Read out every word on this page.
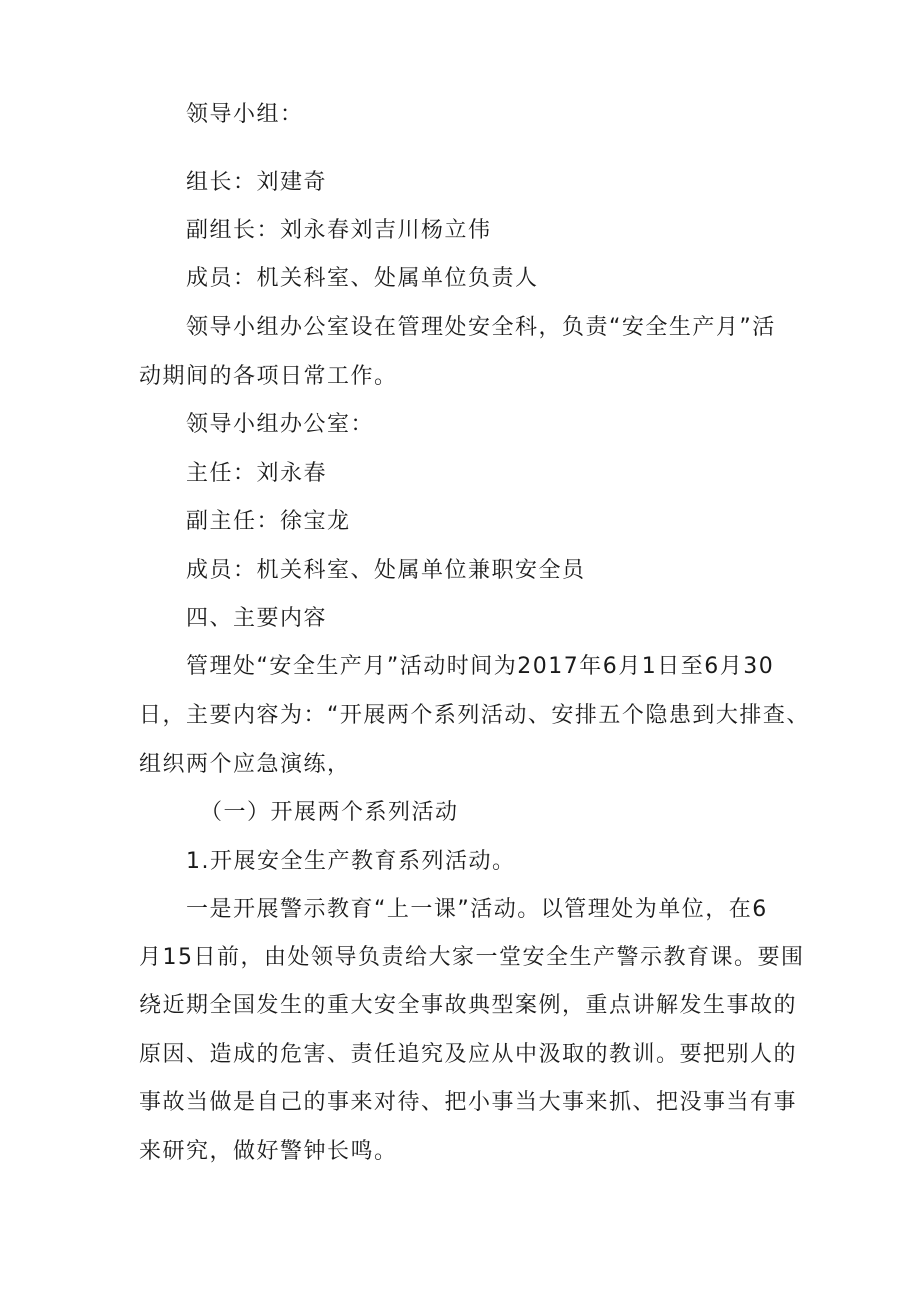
领导小组：

组长：刘建奇

副组长：刘永春刘吉川杨立伟

成员：机关科室、处属单位负责人

领导小组办公室设在管理处安全科，负责“安全生产月”活

动期间的各项日常工作。

领导小组办公室：

主任：刘永春

副主任：徐宝龙

成员：机关科室、处属单位兼职安全员

四、主要内容

管理处“安全生产月”活动时间为2017年6月1日至6月30

日，主要内容为：“开展两个系列活动、安排五个隐患到大排查、

组织两个应急演练，

（一）开展两个系列活动

1.开展安全生产教育系列活动。

一是开展警示教育“上一课”活动。以管理处为单位，在6

月15日前，由处领导负责给大家一堂安全生产警示教育课。要围

绕近期全国发生的重大安全事故典型案例，重点讲解发生事故的

原因、造成的危害、责任追究及应从中汲取的教训。要把别人的

事故当做是自己的事来对待、把小事当大事来抓、把没事当有事

来研究，做好警钟长鸣。
